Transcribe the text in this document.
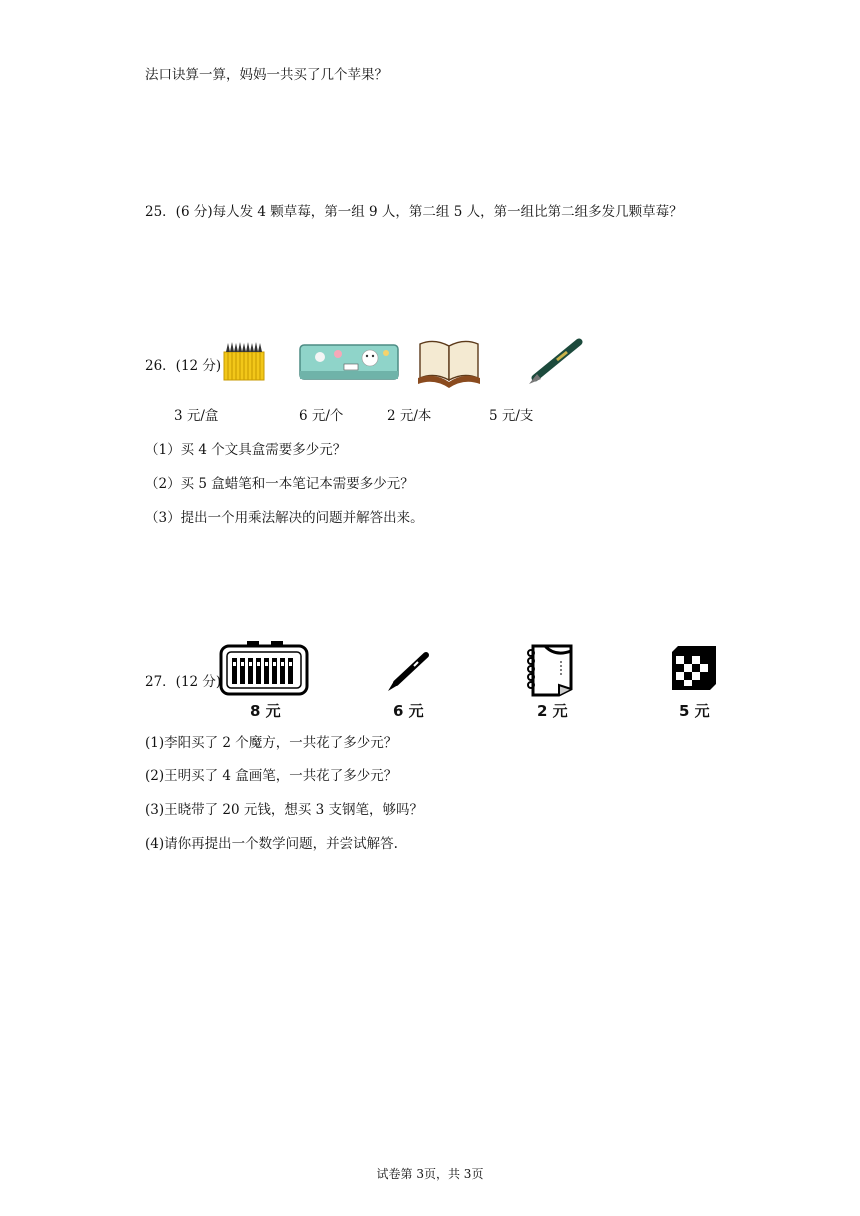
法口诀算一算，妈妈一共买了几个苹果？
25．(6 分)每人发 4 颗草莓，第一组 9 人，第二组 5 人，第一组比第二组多发几颗草莓？
26．(12 分)
3 元/盒	6 元/个	2 元/本	5 元/支
（1）买 4 个文具盒需要多少元？
（2）买 5 盒蜡笔和一本笔记本需要多少元？
（3）提出一个用乘法解决的问题并解答出来。
27．(12 分)
8 元	6 元	2 元	5 元
(1)李阳买了 2 个魔方，一共花了多少元？
(2)王明买了 4 盒画笔，一共花了多少元？
(3)王晓带了 20 元钱，想买 3 支钢笔，够吗？
(4)请你再提出一个数学问题，并尝试解答.
试卷第 3页，共 3页
